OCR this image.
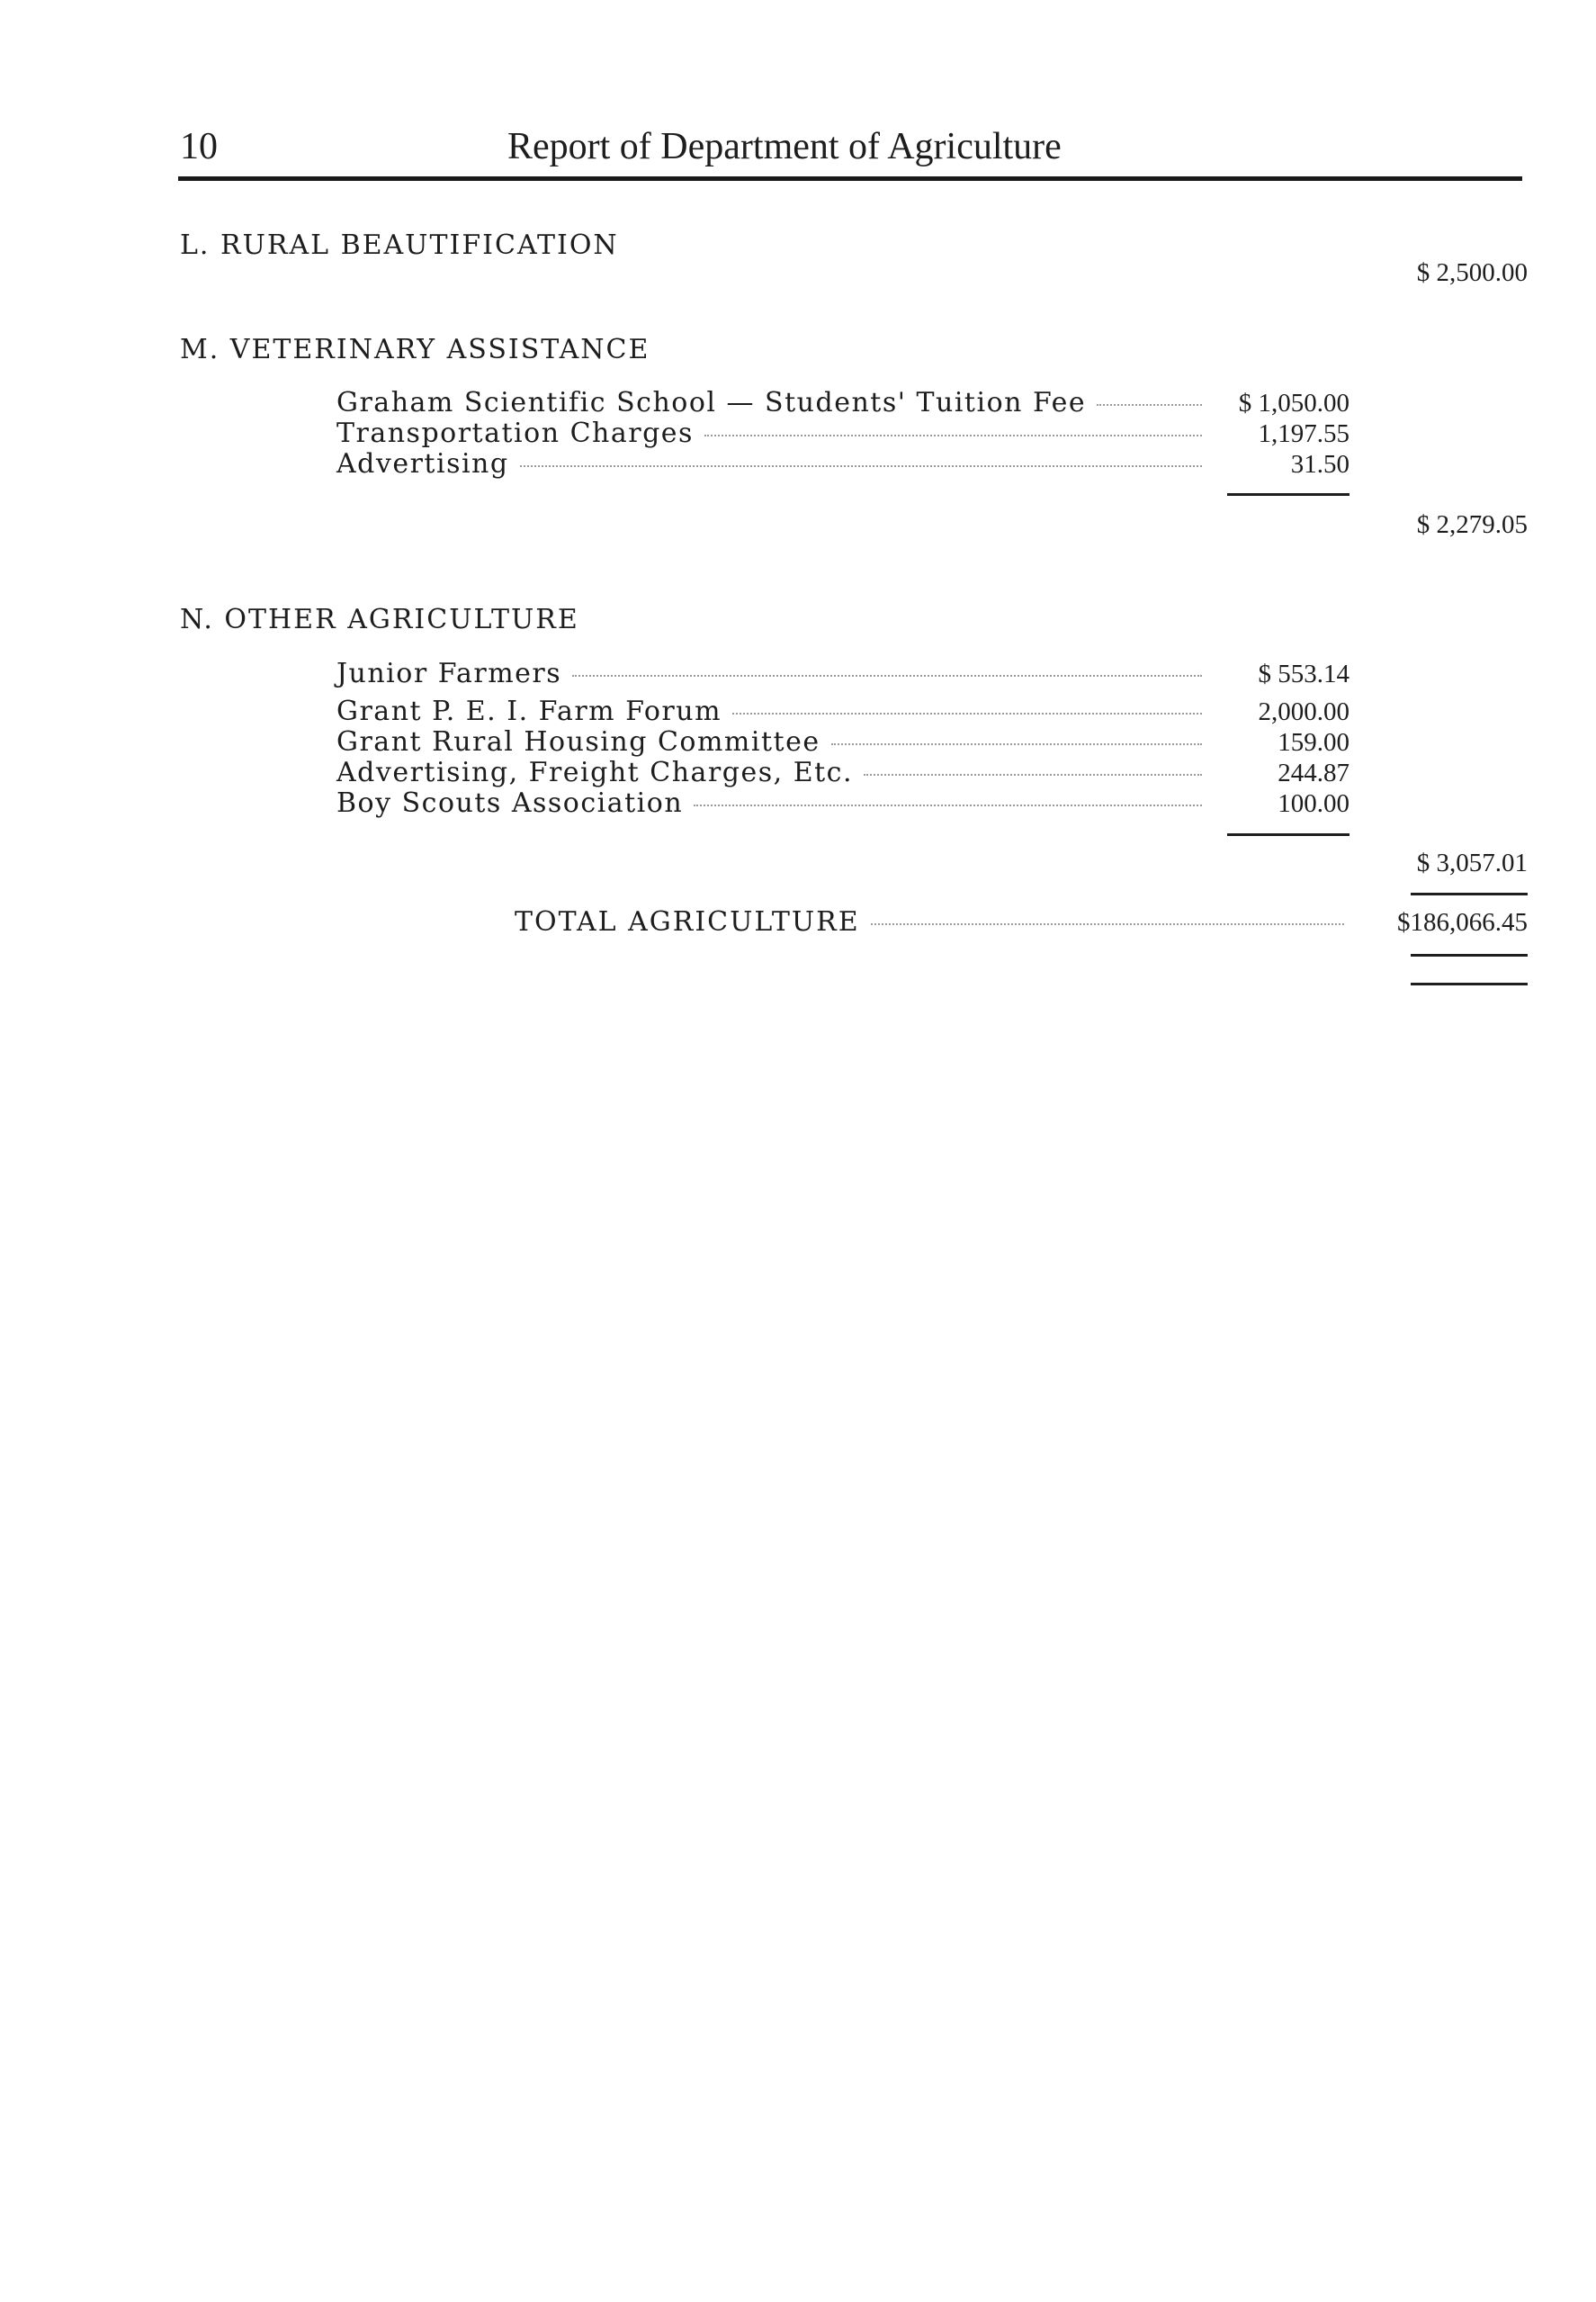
10	Report of Department of Agriculture
L. RURAL BEAUTIFICATION
$ 2,500.00
M. VETERINARY ASSISTANCE
Graham Scientific School — Students' Tuition Fee	$ 1,050.00
Transportation Charges	1,197.55
Advertising	31.50
$ 2,279.05
N. OTHER AGRICULTURE
Junior Farmers	$ 553.14
Grant P. E. I. Farm Forum	2,000.00
Grant Rural Housing Committee	159.00
Advertising, Freight Charges, Etc.	244.87
Boy Scouts Association	100.00
$ 3,057.01
TOTAL AGRICULTURE	$186,066.45
